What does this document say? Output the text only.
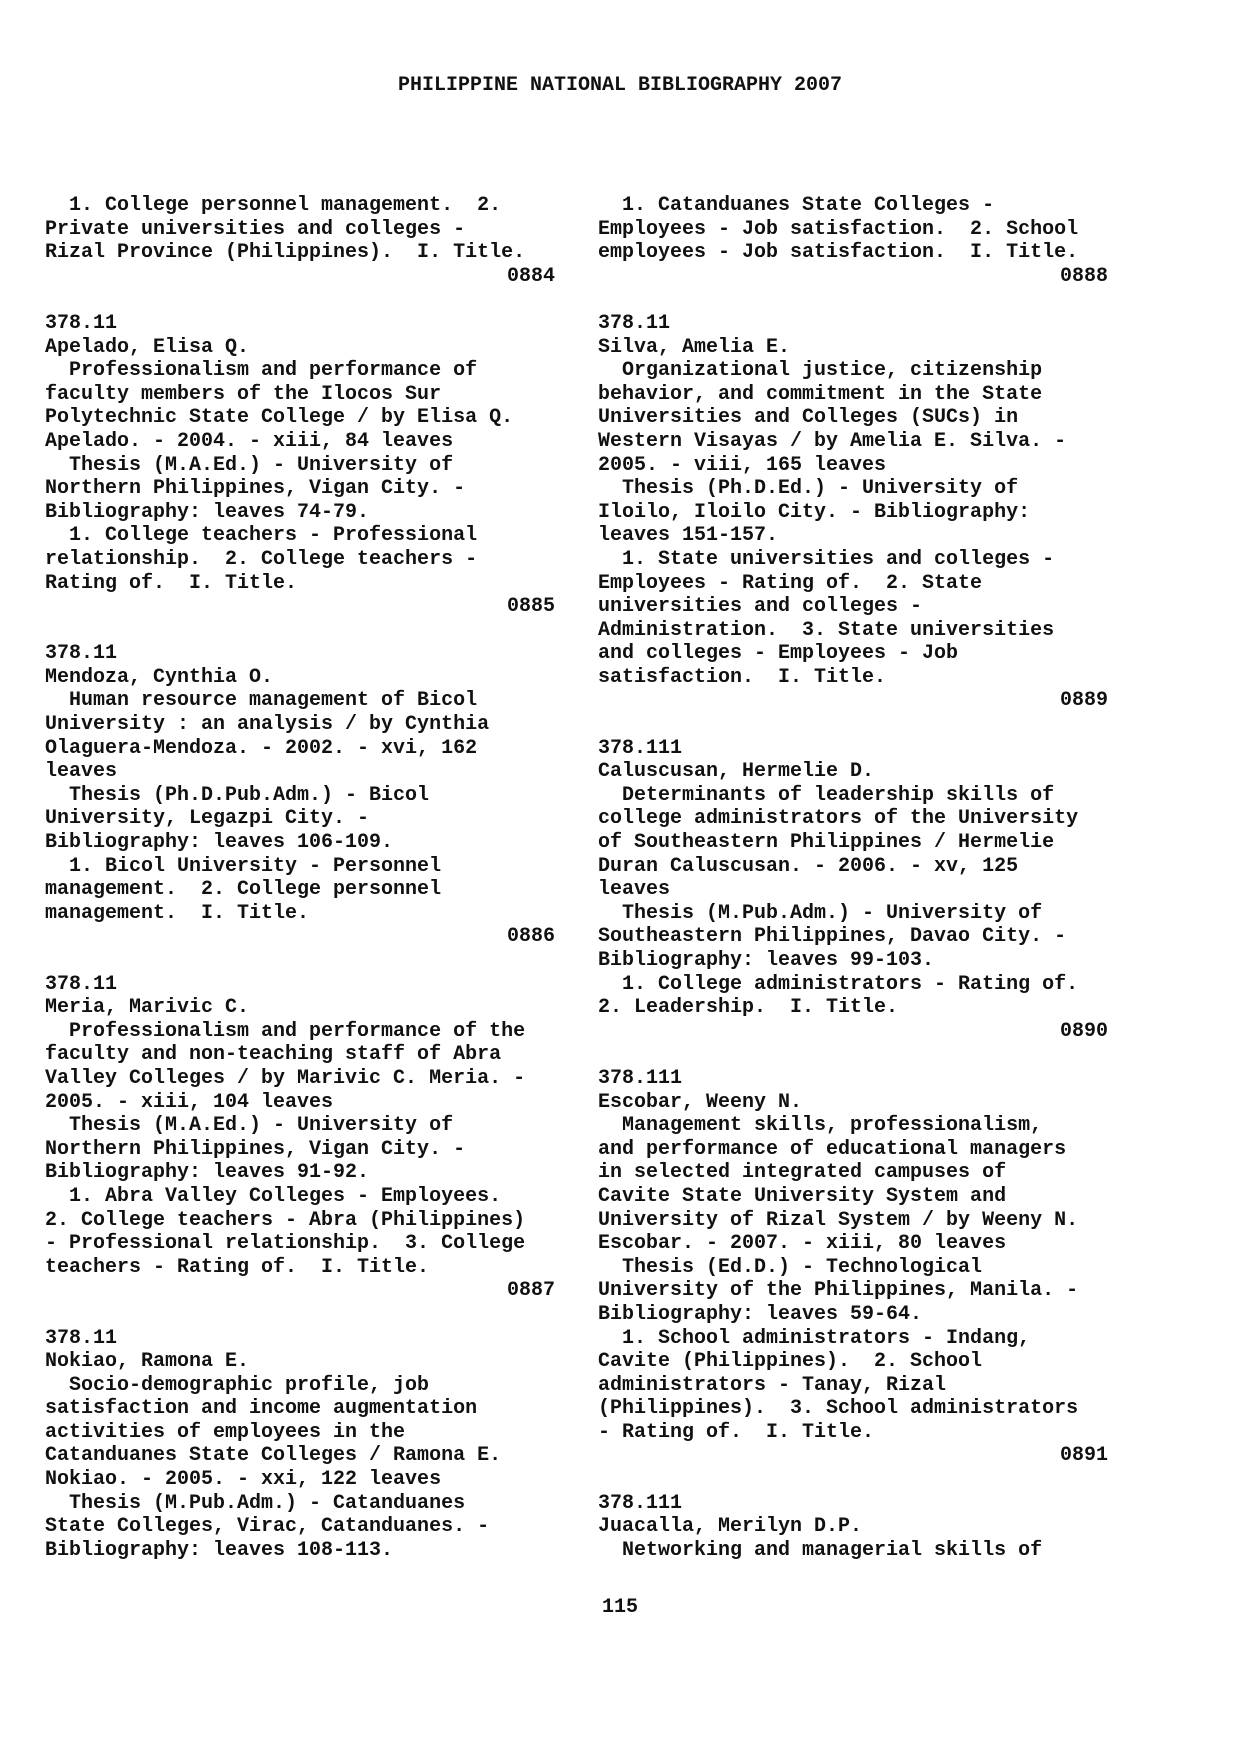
PHILIPPINE NATIONAL BIBLIOGRAPHY 2007
1. College personnel management.  2.
Private universities and colleges -
Rizal Province (Philippines).  I. Title.
0884
378.11
Apelado, Elisa Q.
Professionalism and performance of
faculty members of the Ilocos Sur
Polytechnic State College / by Elisa Q.
Apelado. - 2004. - xiii, 84 leaves
Thesis (M.A.Ed.) - University of
Northern Philippines, Vigan City. -
Bibliography: leaves 74-79.
1. College teachers - Professional
relationship.  2. College teachers -
Rating of.  I. Title.
0885
378.11
Mendoza, Cynthia O.
Human resource management of Bicol
University : an analysis / by Cynthia
Olaguera-Mendoza. - 2002. - xvi, 162
leaves
Thesis (Ph.D.Pub.Adm.) - Bicol
University, Legazpi City. -
Bibliography: leaves 106-109.
1. Bicol University - Personnel
management.  2. College personnel
management.  I. Title.
0886
378.11
Meria, Marivic C.
Professionalism and performance of the
faculty and non-teaching staff of Abra
Valley Colleges / by Marivic C. Meria. -
2005. - xiii, 104 leaves
Thesis (M.A.Ed.) - University of
Northern Philippines, Vigan City. -
Bibliography: leaves 91-92.
1. Abra Valley Colleges - Employees.
2. College teachers - Abra (Philippines)
- Professional relationship.  3. College
teachers - Rating of.  I. Title.
0887
378.11
Nokiao, Ramona E.
Socio-demographic profile, job
satisfaction and income augmentation
activities of employees in the
Catanduanes State Colleges / Ramona E.
Nokiao. - 2005. - xxi, 122 leaves
Thesis (M.Pub.Adm.) - Catanduanes
State Colleges, Virac, Catanduanes. -
Bibliography: leaves 108-113.
1. Catanduanes State Colleges -
Employees - Job satisfaction.  2. School
employees - Job satisfaction.  I. Title.
0888
378.11
Silva, Amelia E.
Organizational justice, citizenship
behavior, and commitment in the State
Universities and Colleges (SUCs) in
Western Visayas / by Amelia E. Silva. -
2005. - viii, 165 leaves
Thesis (Ph.D.Ed.) - University of
Iloilo, Iloilo City. - Bibliography:
leaves 151-157.
1. State universities and colleges -
Employees - Rating of.  2. State
universities and colleges -
Administration.  3. State universities
and colleges - Employees - Job
satisfaction.  I. Title.
0889
378.111
Caluscusan, Hermelie D.
Determinants of leadership skills of
college administrators of the University
of Southeastern Philippines / Hermelie
Duran Caluscusan. - 2006. - xv, 125
leaves
Thesis (M.Pub.Adm.) - University of
Southeastern Philippines, Davao City. -
Bibliography: leaves 99-103.
1. College administrators - Rating of.
2. Leadership.  I. Title.
0890
378.111
Escobar, Weeny N.
Management skills, professionalism,
and performance of educational managers
in selected integrated campuses of
Cavite State University System and
University of Rizal System / by Weeny N.
Escobar. - 2007. - xiii, 80 leaves
Thesis (Ed.D.) - Technological
University of the Philippines, Manila. -
Bibliography: leaves 59-64.
1. School administrators - Indang,
Cavite (Philippines).  2. School
administrators - Tanay, Rizal
(Philippines).  3. School administrators
- Rating of.  I. Title.
0891
378.111
Juacalla, Merilyn D.P.
Networking and managerial skills of
115
